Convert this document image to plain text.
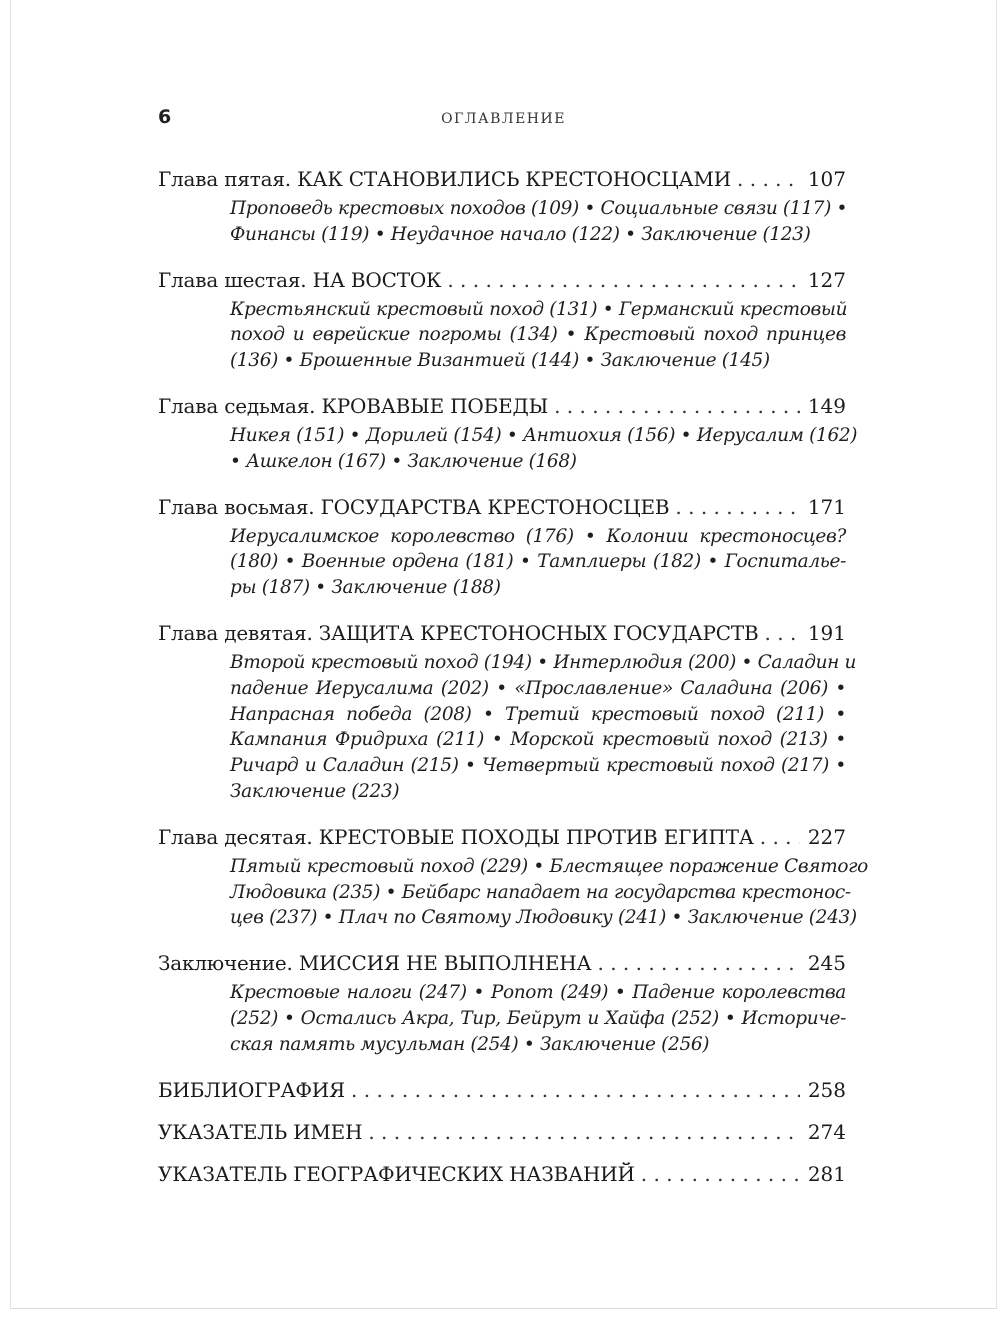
6	ОГЛАВЛЕНИЕ
Глава пятая. КАК СТАНОВИЛИСЬ КРЕСТОНОСЦАМИ . . .	107
Проповедь крестовых походов (109) • Социальные связи (117) •
Финансы (119) • Неудачное начало (122) • Заключение (123)
Глава шестая. НА ВОСТОК . . .	127
Крестьянский крестовый поход (131) • Германский крестовый
поход и еврейские погромы (134) • Крестовый поход принцев
(136) • Брошенные Византией (144) • Заключение (145)
Глава седьмая. КРОВАВЫЕ ПОБЕДЫ . . .	149
Никея (151) • Дорилей (154) • Антиохия (156) • Иерусалим (162)
• Ашкелон (167) • Заключение (168)
Глава восьмая. ГОСУДАРСТВА КРЕСТОНОСЦЕВ . . .	171
Иерусалимское королевство (176) • Колонии крестоносцев?
(180) • Военные ордена (181) • Тамплиеры (182) • Госпиталье-
ры (187) • Заключение (188)
Глава девятая. ЗАЩИТА КРЕСТОНОСНЫХ ГОСУДАРСТВ . . . 191
Второй крестовый поход (194) • Интерлюдия (200) • Саладин и
падение Иерусалима (202) • «Прославление» Саладина (206) •
Напрасная победа (208) • Третий крестовый поход (211) •
Кампания Фридриха (211) • Морской крестовый поход (213) •
Ричард и Саладин (215) • Четвертый крестовый поход (217) •
Заключение (223)
Глава десятая. КРЕСТОВЫЕ ПОХОДЫ ПРОТИВ ЕГИПТА . . .	227
Пятый крестовый поход (229) • Блестящее поражение Святого
Людовика (235) • Бейбарс нападает на государства крестонос-
цев (237) • Плач по Святому Людовику (241) • Заключение (243)
Заключение. МИССИЯ НЕ ВЫПОЛНЕНА . . .	245
Крестовые налоги (247) • Ропот (249) • Падение королевства
(252) • Остались Акра, Тир, Бейрут и Хайфа (252) • Историче-
ская память мусульман (254) • Заключение (256)
БИБЛИОГРАФИЯ . . .	258
УКАЗАТЕЛЬ ИМЕН . . .	274
УКАЗАТЕЛЬ ГЕОГРАФИЧЕСКИХ НАЗВАНИЙ . . .	281
